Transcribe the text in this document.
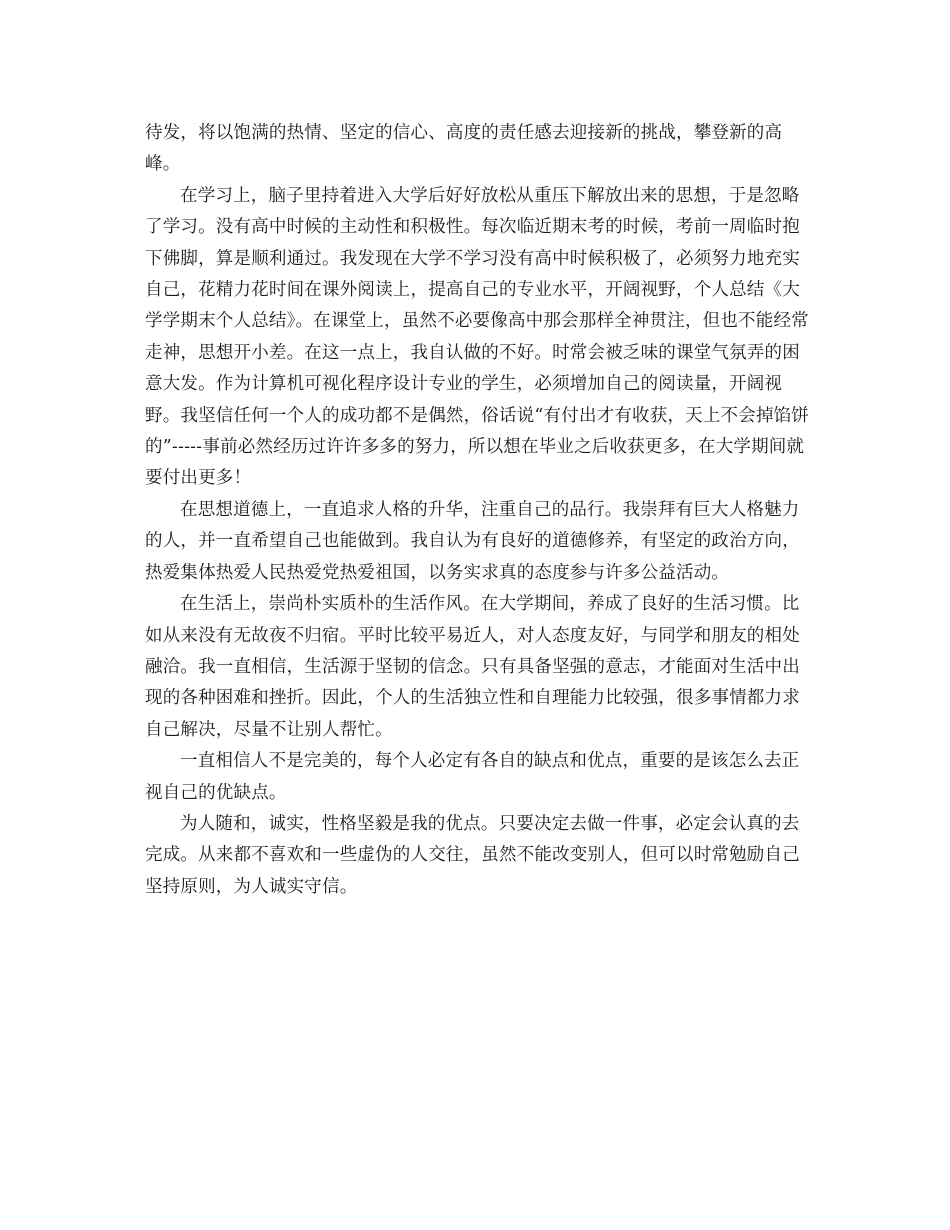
待发，将以饱满的热情、坚定的信心、高度的责任感去迎接新的挑战，攀登新的高峰。

在学习上，脑子里持着进入大学后好好放松从重压下解放出来的思想，于是忽略了学习。没有高中时候的主动性和积极性。每次临近期末考的时候，考前一周临时抱下佛脚，算是顺利通过。我发现在大学不学习没有高中时候积极了，必须努力地充实自己，花精力花时间在课外阅读上，提高自己的专业水平，开阔视野，个人总结《大学学期末个人总结》。在课堂上，虽然不必要像高中那会那样全神贯注，但也不能经常走神，思想开小差。在这一点上，我自认做的不好。时常会被乏味的课堂气氛弄的困意大发。作为计算机可视化程序设计专业的学生，必须增加自己的阅读量，开阔视野。我坚信任何一个人的成功都不是偶然，俗话说“有付出才有收获，天上不会掉馅饼的”-----事前必然经历过许许多多的努力，所以想在毕业之后收获更多，在大学期间就要付出更多！

在思想道德上，一直追求人格的升华，注重自己的品行。我崇拜有巨大人格魅力的人，并一直希望自己也能做到。我自认为有良好的道德修养，有坚定的政治方向，热爱集体热爱人民热爱党热爱祖国，以务实求真的态度参与许多公益活动。

在生活上，崇尚朴实质朴的生活作风。在大学期间，养成了良好的生活习惯。比如从来没有无故夜不归宿。平时比较平易近人，对人态度友好，与同学和朋友的相处融洽。我一直相信，生活源于坚韧的信念。只有具备坚强的意志，才能面对生活中出现的各种困难和挫折。因此，个人的生活独立性和自理能力比较强，很多事情都力求自己解决，尽量不让别人帮忙。

一直相信人不是完美的，每个人必定有各自的缺点和优点，重要的是该怎么去正视自己的优缺点。

为人随和，诚实，性格坚毅是我的优点。只要决定去做一件事，必定会认真的去完成。从来都不喜欢和一些虚伪的人交往，虽然不能改变别人，但可以时常勉励自己坚持原则，为人诚实守信。
